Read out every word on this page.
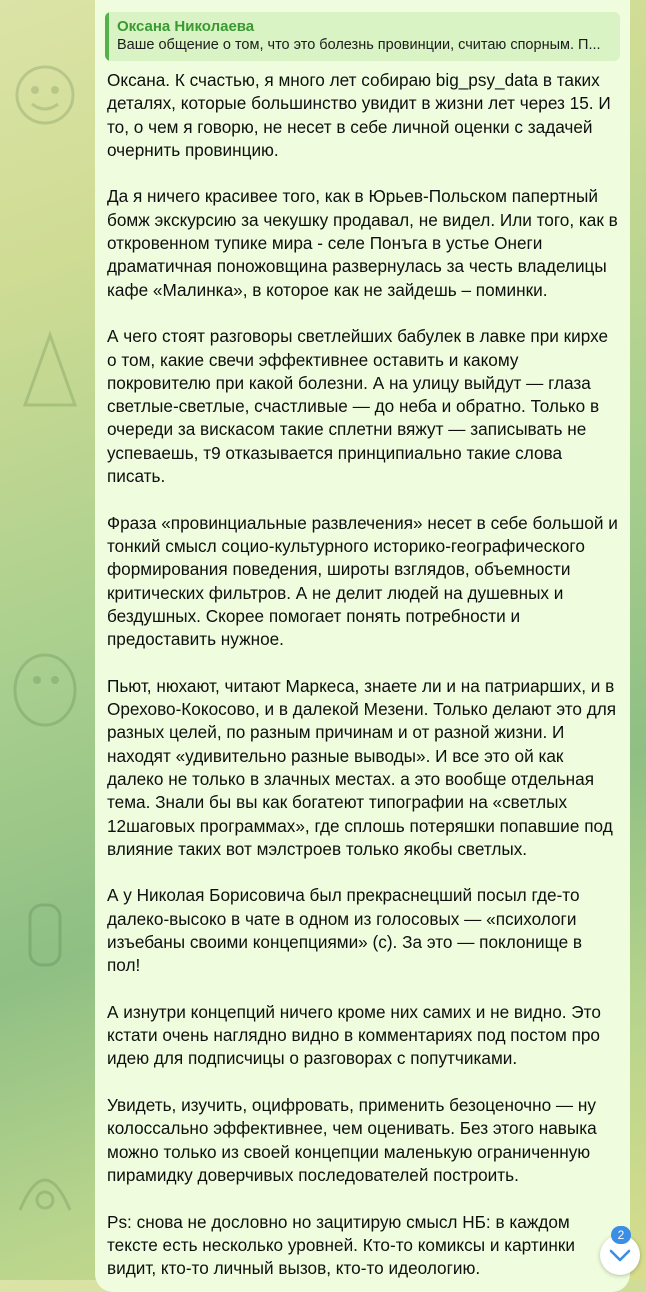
Оксана Николаева
Ваше общение о том, что это болезнь провинции, считаю спорным. П...

Оксана. К счастью, я много лет собираю big_psy_data в таких деталях, которые большинство увидит в жизни лет через 15. И то, о чем я говорю, не несет в себе личной оценки с задачей очернить провинцию.

Да я ничего красивее того, как в Юрьев-Польском папертный бомж экскурсию за чекушку продавал, не видел. Или того, как в откровенном тупике мира - селе Понъга в устье Онеги драматичная поножовщина развернулась за честь владелицы кафе «Малинка», в которое как не зайдешь – поминки.

А чего стоят разговоры светлейших бабулек в лавке при кирхе о том, какие свечи эффективнее оставить и какому покровителю при какой болезни. А на улицу выйдут — глаза светлые-светлые, счастливые — до неба и обратно. Только в очереди за вискасом такие сплетни вяжут — записывать не успеваешь, т9 отказывается принципиально такие слова писать.

Фраза «провинциальные развлечения» несет в себе большой и тонкий смысл социо-культурного историко-географического формирования поведения, широты взглядов, объемности критических фильтров. А не делит людей на душевных и бездушных. Скорее помогает понять потребности и предоставить нужное.

Пьют, нюхают, читают Маркеса, знаете ли и на патриарших, и в Орехово-Кокосово, и в далекой Мезени. Только делают это для разных целей, по разным причинам и от разной жизни. И находят «удивительно разные выводы». И все это ой как далеко не только в злачных местах. а это вообще отдельная тема. Знали бы вы как богатеют типографии на «светлых 12шаговых программах», где сплошь потеряшки попавшие под влияние таких вот мэлстроев только якобы светлых.

А у Николая Борисовича был прекраснецший посыл где-то далеко-высоко в чате в одном из голосовых — «психологи изъебаны своими концепциями» (с). За это — поклонище в пол!

А изнутри концепций ничего кроме них самих и не видно. Это кстати очень наглядно видно в комментариях под постом про идею для подписчицы о разговорах с попутчиками.

Увидеть, изучить, оцифровать, применить безоценочно — ну колоссально эффективнее, чем оценивать. Без этого навыка можно только из своей концепции маленькую ограниченную пирамидку доверчивых последователей построить.

Ps: снова не дословно но зацитирую смысл НБ: в каждом тексте есть несколько уровней. Кто-то комиксы и картинки видит, кто-то личный вызов, кто-то идеологию.

2
